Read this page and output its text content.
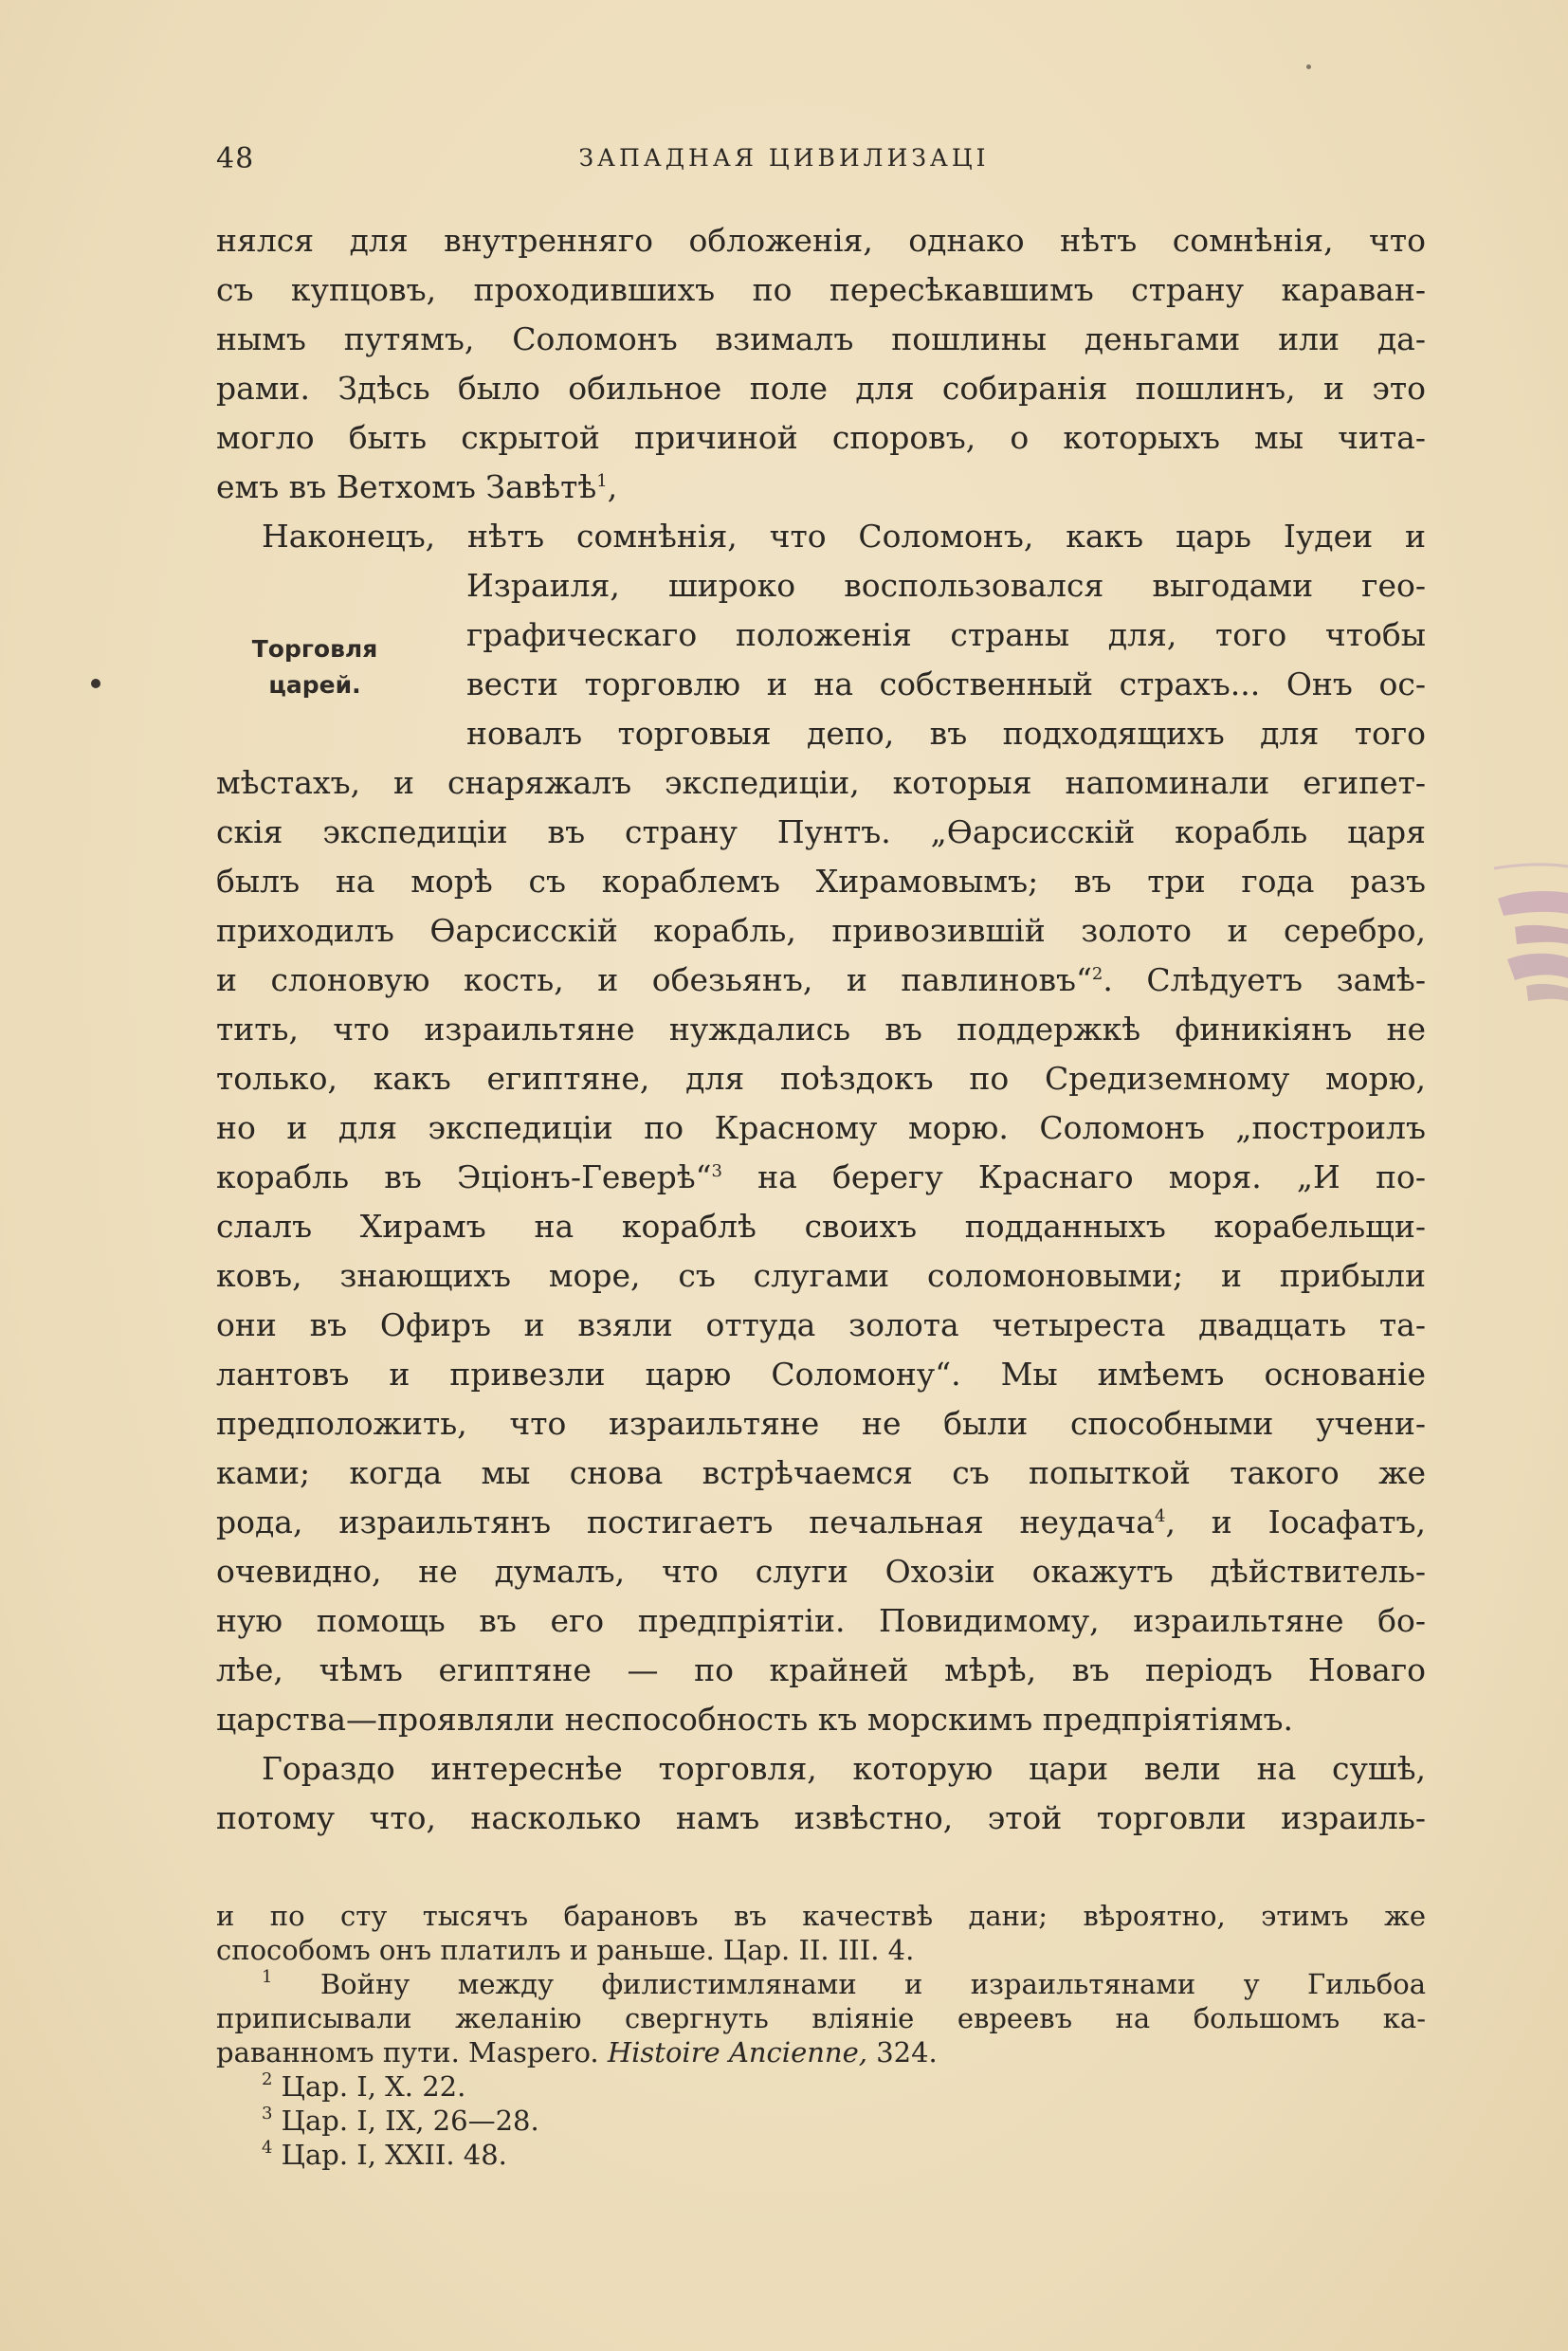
48	ЗАПАДНАЯ ЦИВИЛИЗАЦІ
Торговля
царей.
нялся для внутренняго обложенія, однако нѣтъ сомнѣнія, что
съ купцовъ, проходившихъ по пересѣкавшимъ страну караван-
нымъ путямъ, Соломонъ взималъ пошлины деньгами или да-
рами. Здѣсь было обильное поле для собиранія пошлинъ, и это
могло быть скрытой причиной споровъ, о которыхъ мы чита-
емъ въ Ветхомъ Завѣтѣ$^1$,
Наконецъ, нѣтъ сомнѣнія, что Соломонъ, какъ царь Іудеи и
Израиля, широко воспользовался выгодами гео-
графическаго положенія страны для, того чтобы
вести торговлю и на собственный страхъ... Онъ ос-
новалъ торговыя депо, въ подходящихъ для того
мѣстахъ, и снаряжалъ экспедиціи, которыя напоминали египет-
скія экспедиціи въ страну Пунтъ. „Ѳарсисскій корабль царя
былъ на морѣ съ кораблемъ Хирамовымъ; въ три года разъ
приходилъ Ѳарсисскій корабль, привозившій золото и серебро,
и слоновую кость, и обезьянъ, и павлиновъ“$^2$. Слѣдуетъ замѣ-
тить, что израильтяне нуждались въ поддержкѣ финикіянъ не
только, какъ египтяне, для поѣздокъ по Средиземному морю,
но и для экспедиціи по Красному морю. Соломонъ „построилъ
корабль въ Эціонъ-Геверѣ“$^3$ на берегу Краснаго моря. „И по-
слалъ Хирамъ на кораблѣ своихъ подданныхъ корабельщи-
ковъ, знающихъ море, съ слугами соломоновыми; и прибыли
они въ Офиръ и взяли оттуда золота четыреста двадцать та-
лантовъ и привезли царю Соломону“. Мы имѣемъ основаніе
предположить, что израильтяне не были способными учени-
ками; когда мы снова встрѣчаемся съ попыткой такого же
рода, израильтянъ постигаетъ печальная неудача$^4$, и Іосафатъ,
очевидно, не думалъ, что слуги Охозіи окажутъ дѣйствитель-
ную помощь въ его предпріятіи. Повидимому, израильтяне бо-
лѣе, чѣмъ египтяне — по крайней мѣрѣ, въ періодъ Новаго
царства—проявляли неспособность къ морскимъ предпріятіямъ.
Гораздо интереснѣе торговля, которую цари вели на сушѣ,
потому что, насколько намъ извѣстно, этой торговли израиль-
и по сту тысячъ барановъ въ качествѣ дани; вѣроятно, этимъ же
способомъ онъ платилъ и раньше. Цар. II. III. 4.
$^1$ Войну между филистимлянами и израильтянами у Гильбоа
приписывали желанію свергнуть вліяніе евреевъ на большомъ ка-
раванномъ пути. Maspero. Histoire Ancienne, 324.
$^2$ Цар. I, X. 22.
$^3$ Цар. I, IX, 26—28.
$^4$ Цар. I, XXII. 48.
